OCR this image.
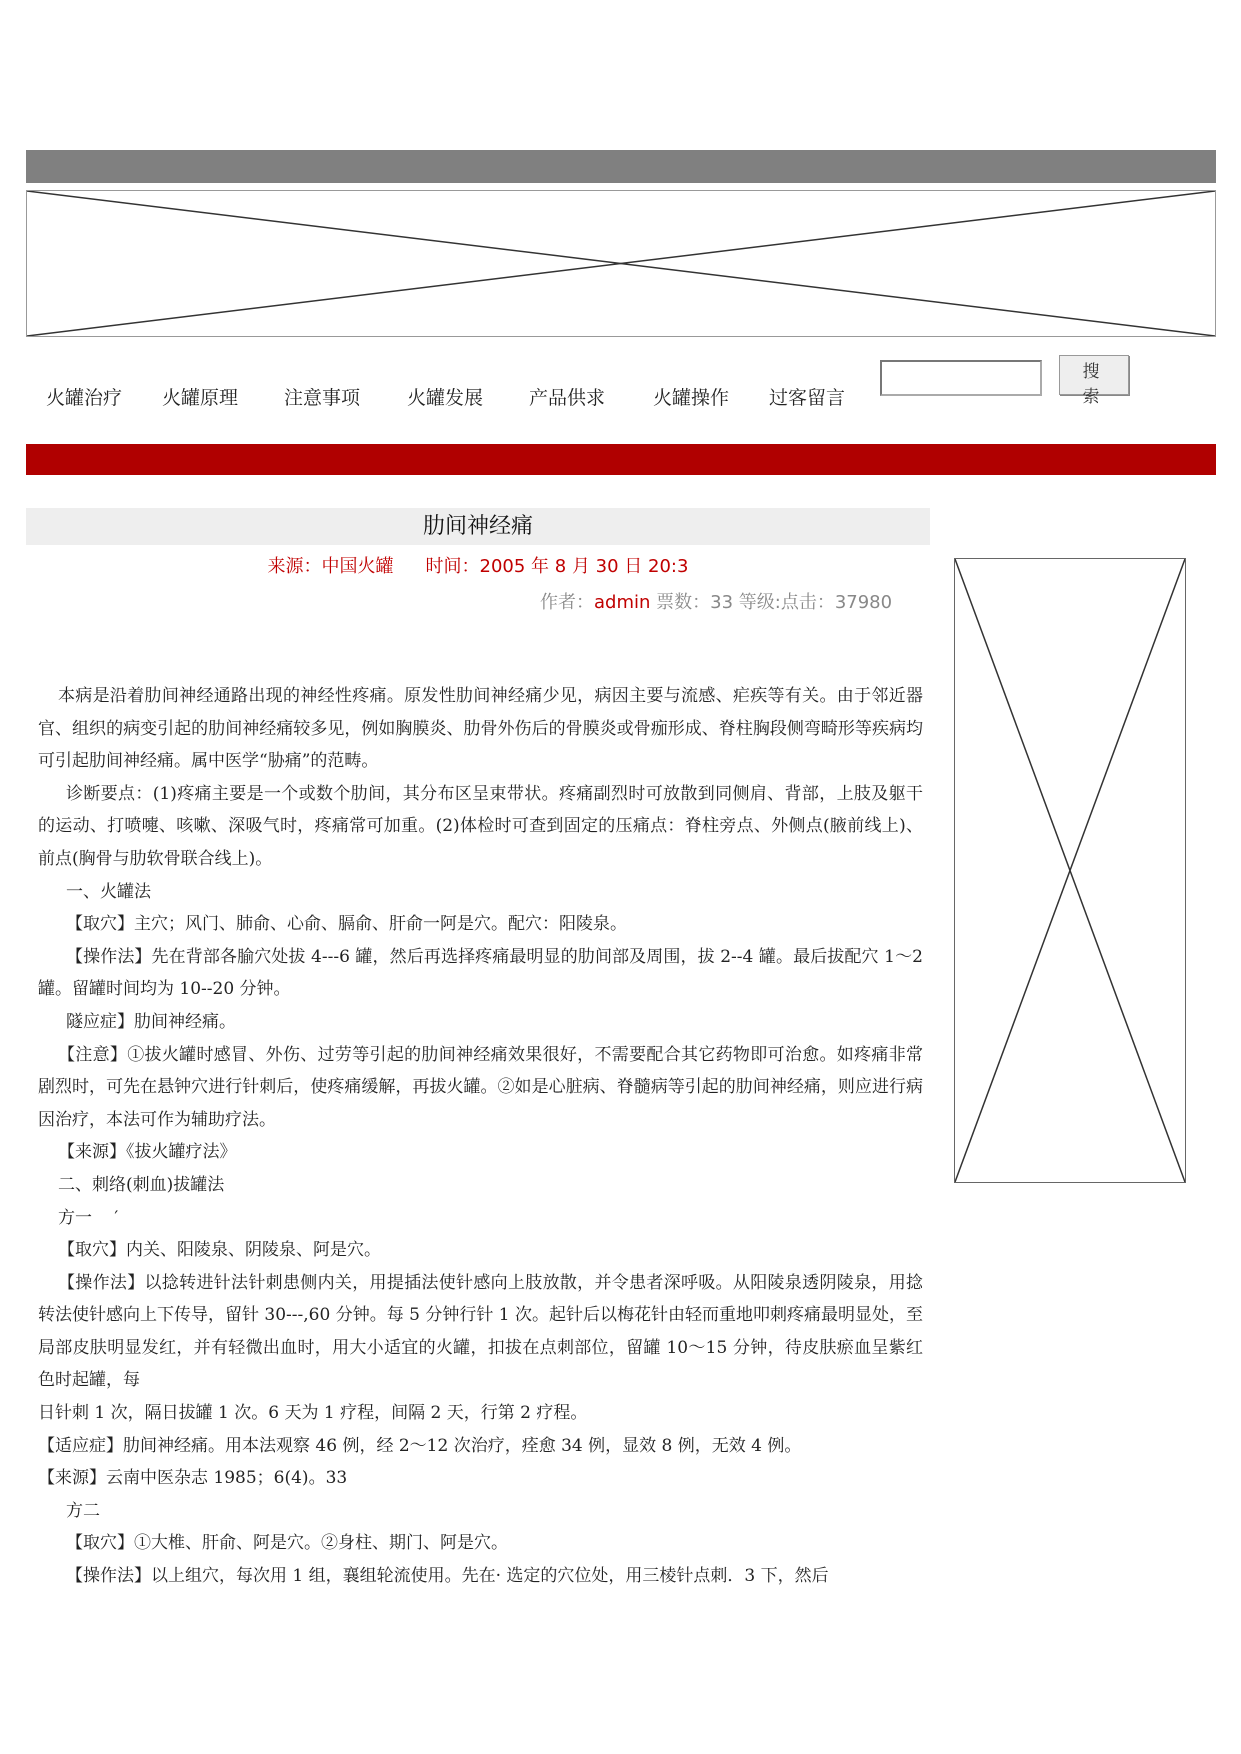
火罐治疗 火罐原理 注意事项 火罐发展 产品供求	火罐操作 过客留言
搜 索
肋间神经痛
来源：中国火罐 时间：2005 年 8 月 30 日 20:3
作者：admin 票数：33 等级:点击：37980

本病是沿着肋间神经通路出现的神经性疼痛。原发性肋间神经痛少见，病因主要与流感、疟疾等有关。由于邻近器官、组织的病变引起的肋间神经痛较多见，例如胸膜炎、肋骨外伤后的骨膜炎或骨痂形成、脊柱胸段侧弯畸形等疾病均可引起肋间神经痛。属中医学“胁痛”的范畴。

诊断要点：(1)疼痛主要是一个或数个肋间，其分布区呈束带状。疼痛副烈时可放散到同侧肩、背部，上肢及躯干的运动、打喷嚏、咳嗽、深吸气时，疼痛常可加重。(2)体检时可查到固定的压痛点：脊柱旁点、外侧点(腋前线上)、前点(胸骨与肋软骨联合线上)。

一、火罐法

【取穴】主穴；风门、肺俞、心俞、膈俞、肝俞一阿是穴。配穴：阳陵泉。

【操作法】先在背部各腧穴处拔 4---6 罐，然后再选择疼痛最明显的肋间部及周围，拔 2--4 罐。最后拔配穴 1～2 罐。留罐时间均为 10--20 分钟。

隧应症】肋间神经痛。

【注意】①拔火罐时感冒、外伤、过劳等引起的肋间神经痛效果很好，不需要配合其它药物即可治愈。如疼痛非常剧烈时，可先在悬钟穴进行针刺后，使疼痛缓解，再拔火罐。②如是心脏病、脊髓病等引起的肋间神经痛，则应进行病因治疗，本法可作为辅助疗法。

【来源】《拔火罐疗法》

二、刺络(刺血)拔罐法

方一　 ′

【取穴】内关、阳陵泉、阴陵泉、阿是穴。

【操作法】以捻转进针法针刺患侧内关，用提插法使针感向上肢放散，并令患者深呼吸。从阳陵泉透阴陵泉，用捻转法使针感向上下传导，留针 30---,60 分钟。每 5 分钟行针 1 次。起针后以梅花针由轻而重地叩刺疼痛最明显处，至局部皮肤明显发红，并有轻微出血时，用大小适宜的火罐，扣拔在点刺部位，留罐 10～15 分钟，待皮肤瘀血呈紫红色时起罐，每

日针刺 1 次，隔日拔罐 1 次。6 天为 1 疗程，间隔 2 天，行第 2 疗程。

【适应症】肋间神经痛。用本法观察 46 例，经 2～12 次治疗，痊愈 34 例，显效 8 例，无效 4 例。

【来源】云南中医杂志 1985；6(4)。33

方二

【取穴】①大椎、肝俞、阿是穴。②身柱、期门、阿是穴。

【操作法】以上组穴，每次用 1 组，襄组轮流使用。先在· 选定的穴位处，用三棱针点刺．3 下，然后
